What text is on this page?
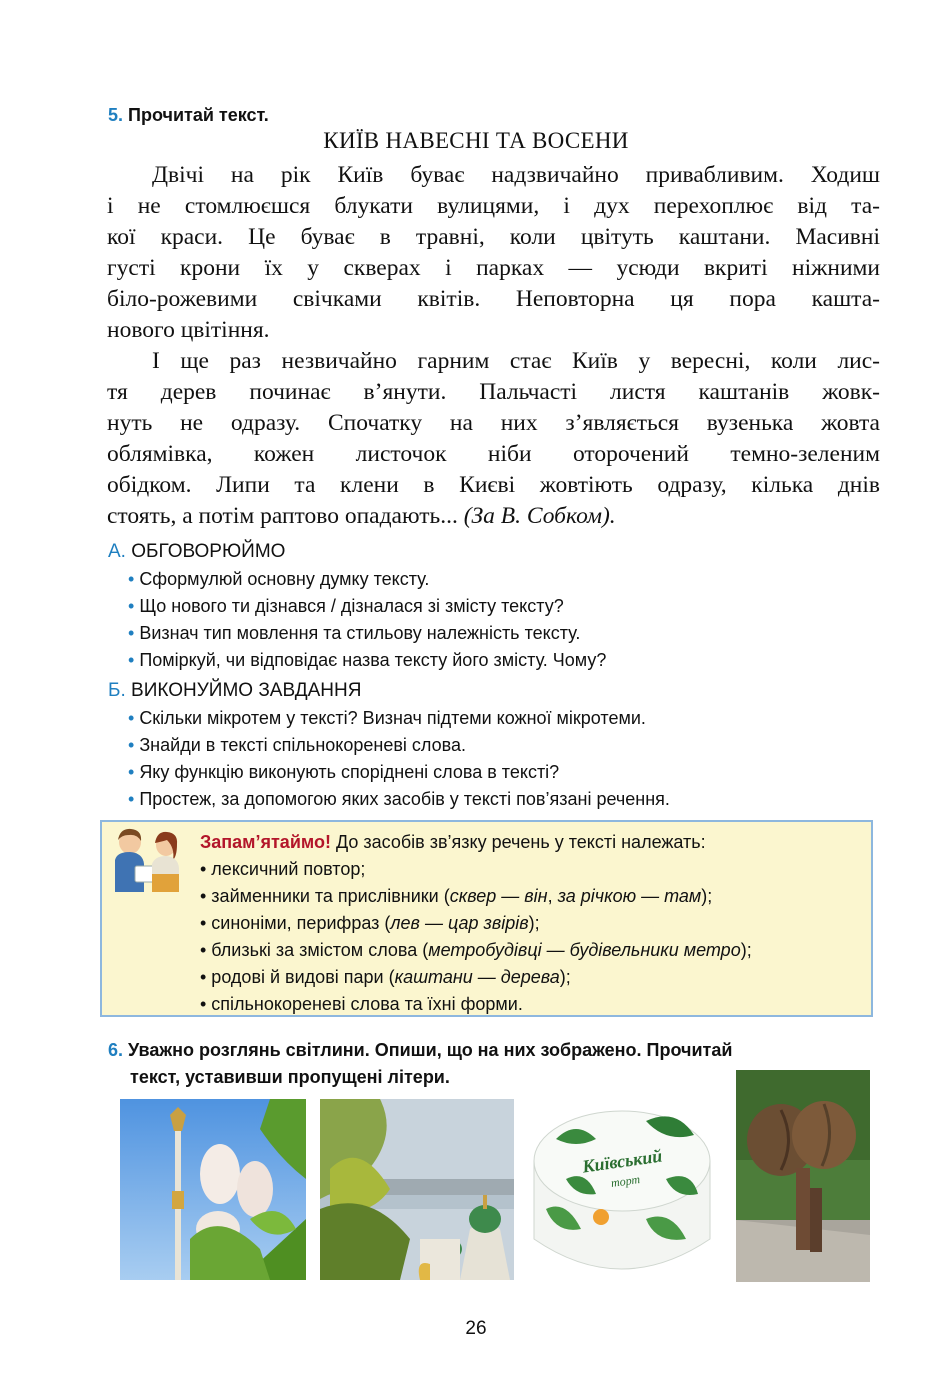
5. Прочитай текст.
КИЇВ НАВЕСНІ ТА ВОСЕНИ
Двічі на рік Київ буває надзвичайно привабливим. Ходиш
і не стомлюєшся блукати вулицями, і дух перехоплює від та-
кої краси. Це буває в травні, коли цвітуть каштани. Масивні
густі крони їх у скверах і парках — усюди вкриті ніжними
біло-рожевими свічками квітів. Неповторна ця пора кашта-
нового цвітіння.
І ще раз незвичайно гарним стає Київ у вересні, коли лис-
тя дерев починає в’янути. Пальчасті листя каштанів жовк-
нуть не одразу. Спочатку на них з’являється вузенька жовта
облямівка, кожен листочок ніби оторочений темно-зеленим
обідком. Липи та клени в Києві жовтіють одразу, кілька днів
стоять, а потім раптово опадають... (За В. Собком).
А. ОБГОВОРЮЙМО
• Сформулюй основну думку тексту.
• Що нового ти дізнався / дізналася зі змісту тексту?
• Визнач тип мовлення та стильову належність тексту.
• Поміркуй, чи відповідає назва тексту його змісту. Чому?
Б. ВИКОНУЙМО ЗАВДАННЯ
• Скільки мікротем у тексті? Визнач підтеми кожної мікротеми.
• Знайди в тексті спільнокореневі слова.
• Яку функцію виконують споріднені слова в тексті?
• Простеж, за допомогою яких засобів у тексті пов’язані речення.
Запам’ятаймо! До засобів зв’язку речень у тексті належать:
• лексичний повтор;
• займенники та прислівники (сквер — він, за річкою — там);
• синоніми, перифраз (лев — цар звірів);
• близькі за змістом слова (метробудівці — будівельники метро);
• родові й видові пари (каштани — дерева);
• спільнокореневі слова та їхні форми.
6. Уважно розглянь світлини. Опиши, що на них зображено. Прочитай
текст, уставивши пропущені літери.
Київський
торт
26
